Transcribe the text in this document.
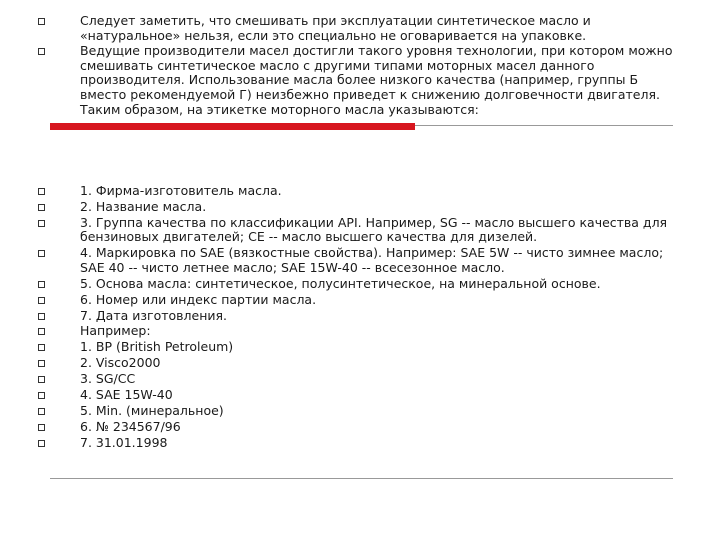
Следует заметить, что смешивать при эксплуатации синтетическое масло и «натуральное» нельзя, если это специально не оговаривается на упаковке.
Ведущие производители масел достигли такого уровня технологии, при котором можно смешивать синтетическое масло с другими типами моторных масел данного производителя. Использование масла более низкого качества (например, группы Б вместо рекомендуемой Г) неизбежно приведет к снижению долговечности двигателя. Таким образом, на этикетке моторного масла указываются:
1. Фирма-изготовитель масла.
2. Название масла.
3. Группа качества по классификации API. Например, SG -- масло высшего качества для бензиновых двигателей; СЕ -- масло высшего качества для дизелей.
4. Маркировка по SAE (вязкостные свойства). Например: SAE 5W -- чисто зимнее масло; SAE 40 -- чисто летнее масло; SAE 15W-40 -- всесезонное масло.
5. Основа масла: синтетическое, полусинтетическое, на минеральной основе.
6. Номер или индекс партии масла.
7. Дата изготовления.
Например:
1. BP (British Petroleum)
2. Visco2000
3. SG/CC
4. SAE 15W-40
5. Min. (минеральное)
6. № 234567/96
7. 31.01.1998
